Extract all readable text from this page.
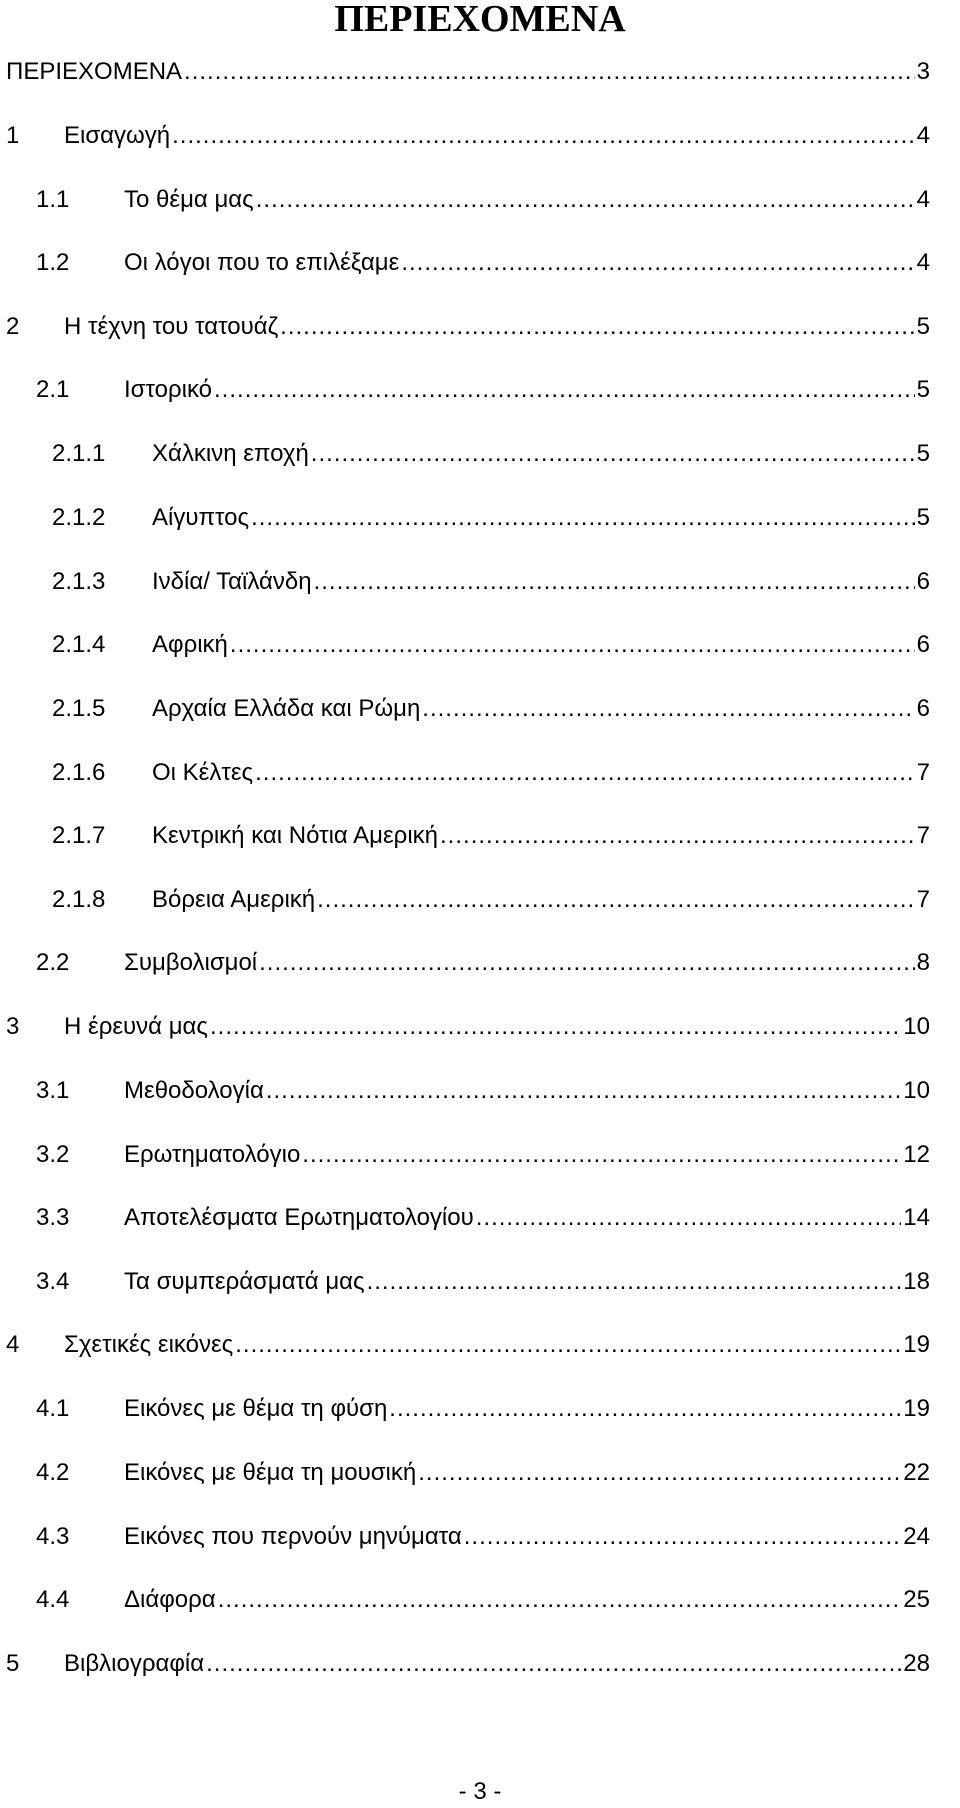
ΠΕΡΙΕΧΟΜΕΝΑ
ΠΕΡΙΕΧΟΜΕΝΑ .....	3
1	Εισαγωγή .....	4
1.1	Το θέμα μας .....	4
1.2	Οι λόγοι που το επιλέξαμε .....	4
2	Η τέχνη του τατουάζ .....	5
2.1	Ιστορικό .....	5
2.1.1	Χάλκινη εποχή .....	5
2.1.2	Αίγυπτος .....	5
2.1.3	Ινδία/ Ταϊλάνδη .....	6
2.1.4	Αφρική .....	6
2.1.5	Αρχαία Ελλάδα και Ρώμη .....	6
2.1.6	Οι Κέλτες .....	7
2.1.7	Κεντρική και Νότια Αμερική .....	7
2.1.8	Βόρεια Αμερική .....	7
2.2	Συμβολισμοί .....	8
3	Η έρευνά μας .....	10
3.1	Μεθοδολογία .....	10
3.2	Ερωτηματολόγιο .....	12
3.3	Αποτελέσματα Ερωτηματολογίου .....	14
3.4	Τα συμπεράσματά μας .....	18
4	Σχετικές εικόνες .....	19
4.1	Εικόνες με θέμα τη φύση .....	19
4.2	Εικόνες με θέμα τη μουσική .....	22
4.3	Εικόνες που περνούν μηνύματα .....	24
4.4	Διάφορα .....	25
5	Βιβλιογραφία .....	28
- 3 -
